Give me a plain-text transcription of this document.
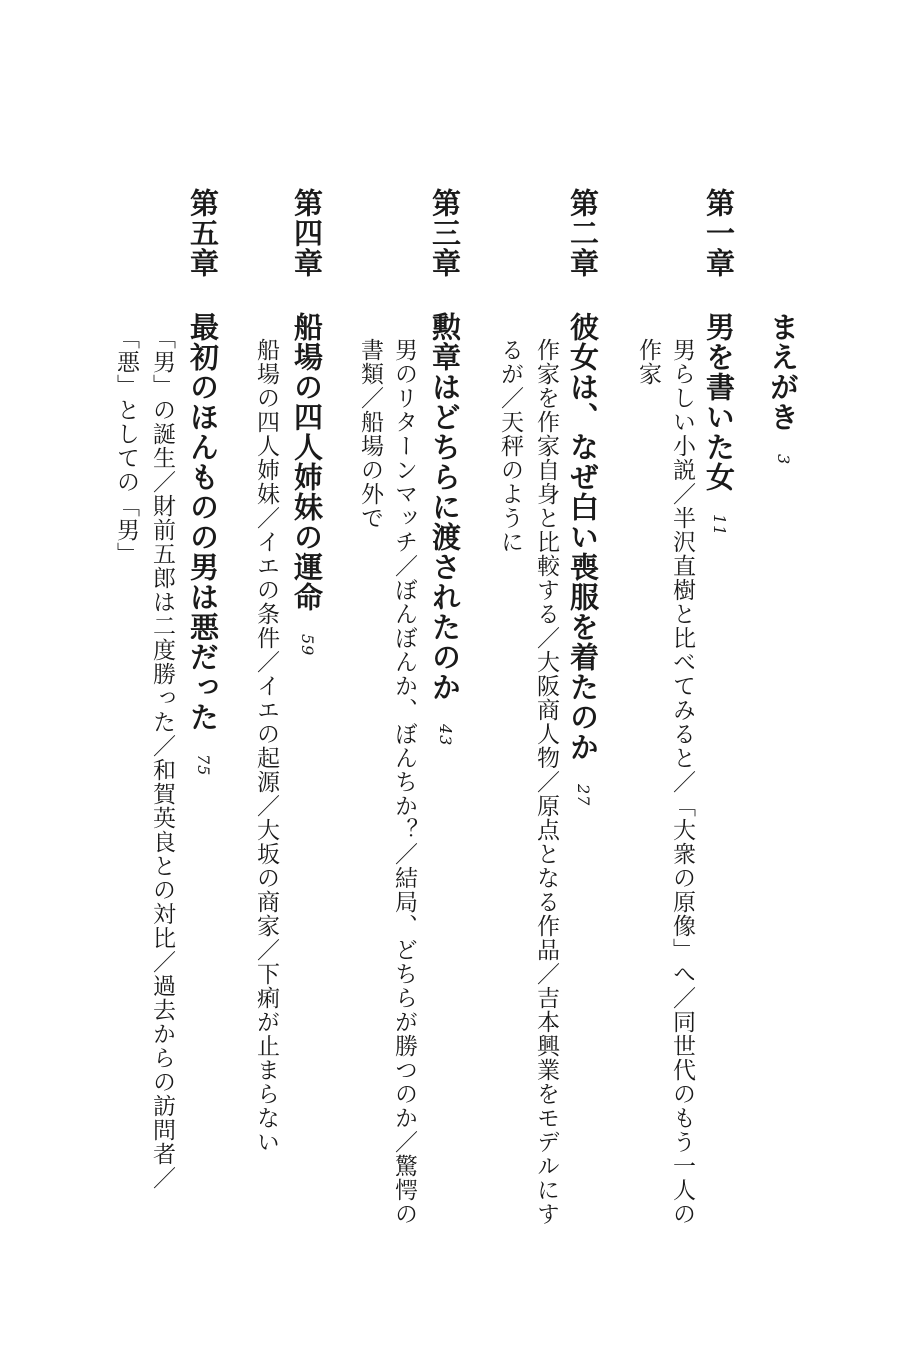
まえがき3
第一章
男を書いた女11
男らしい小説／半沢直樹と比べてみると／「大衆の原像」へ／同世代のもう一人の
作家
第二章
彼女は、なぜ白い喪服を着たのか27
作家を作家自身と比較する／大阪商人物／原点となる作品／吉本興業をモデルにす
るが／天秤のように
第三章
勲章はどちらに渡されたのか43
男のリターンマッチ／ぼんぼんか、ぼんちか？／結局、どちらが勝つのか／驚愕の
書類／船場の外で
第四章
船場の四人姉妹の運命59
船場の四人姉妹／イエの条件／イエの起源／大坂の商家／下痢が止まらない
第五章
最初のほんものの男は悪だった75
「男」の誕生／財前五郎は二度勝った／和賀英良との対比／過去からの訪問者／
「悪」としての「男」
